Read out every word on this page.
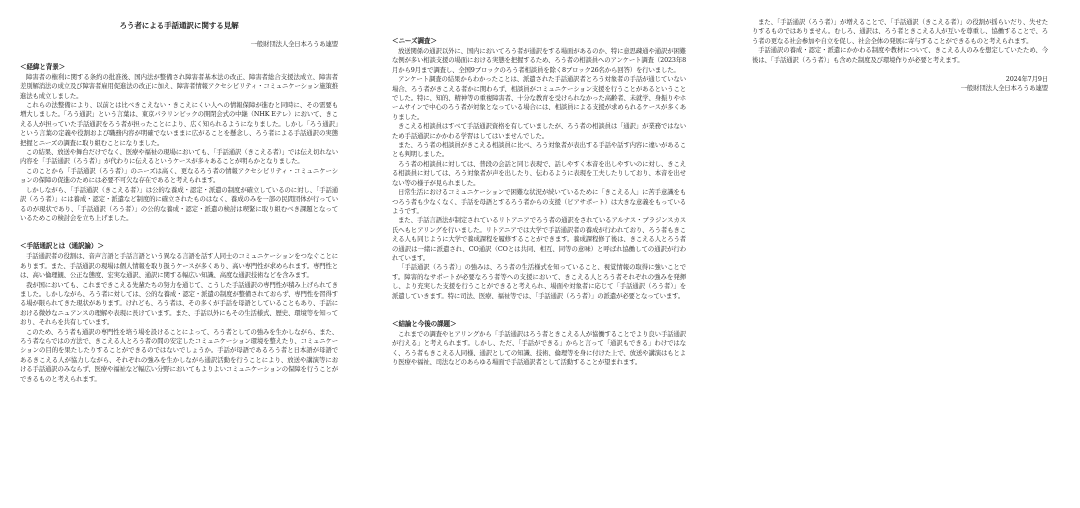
ろう者による手話通訳に関する見解
一般財団法人全日本ろうあ連盟
＜経緯と背景＞

障害者の権利に関する条約の批准後、国内法が整備され障害者基本法の改正、障害者総合支援法成立、障害者差別解消法の成立及び障害者雇用促進法の改正に加え、障害者情報アクセシビリティ・コミュニケーション施策推進法も成立しました。

これらの法整備により、以前とは比べきこえない・きこえにくい人への情報保障が進むと同時に、その需要も増大しました。「ろう通訳」という言葉は、東京パラリンピックの開閉会式の中継（NHK Eテレ）において、きこえる人が担っていた手話通訳をろう者が担ったことにより、広く知られるようになりました。しかし「ろう通訳」という言葉の定義や役割および職務内容が明確でないままに広がることを懸念し、ろう者による手話通訳の実態把握とニーズの調査に取り組むことになりました。

この結果、放送や舞台だけでなく、医療や福祉の現場においても、「手話通訳（きこえる者）」では伝え切れない内容を「手話通訳（ろう者）」が代わりに伝えるというケースが多々あることが明らかとなりました。

このことから「手話通訳（ろう者）」のニーズは高く、更なるろう者の情報アクセシビリティ・コミュニケーションの保障の促進のためには必要不可欠な存在であると考えられます。

しかしながら、「手話通訳（きこえる者）」は公的な養成・認定・派遣の制度が確立しているのに対し、「手話通訳（ろう者）」には養成・認定・派遣など制度的に確立されたものはなく、養成のみを一部の民間団体が行っているのが現状であり、「手話通訳（ろう者）」の公的な養成・認定・派遣の検討は喫緊に取り組むべき課題となっているためこの検討会を立ち上げました。

＜手話通訳とは（通訳論）＞

手話通訳者の役割は、音声言語と手話言語という異なる言語を話す人同士のコミュニケーションをつなぐことにあります。また、手話通訳の現場は個人情報を取り扱うケースが多くあり、高い専門性が求められます。専門性とは、高い倫理観、公正な態度、宏実な通訳、通訳に関する幅広い知識、高度な通訳技術などを含みます。

我が国においても、これまできこえる先輩たちの努力を通じて、こうした手話通訳の専門性が積み上げられてきました。しかしながら、ろう者に対しては、公的な養成・認定・派遣の制度が整備されておらず、専門性を習得する場が限られてきた現状があります。けれども、ろう者は、その多くが手話を母語としていることもあり、手話における微妙なニュアンスの理解や表現に長けています。また、手話以外にもその生活様式、歴史、環境等を知っており、それらを共有しています。

このため、ろう者も通訳の専門性を培う場を設けることによって、ろう者としての強みを生かしながら、また、ろう者ならではの方法で、きこえる人とろう者の間の安定したコミュニケーション環境を整えたり、コミュニケーションの目的を果たしたりすることができるのではないでしょうか。手話が母語であるろう者と日本語が母語であるきこえる人が協力しながら、それぞれの強みを生かしながら通訳活動を行うことにより、放送や講演等における手話通訳のみならず、医療や福祉など幅広い分野においてもよりよいコミュニケーションの保障を行うことができるものと考えられます。

＜ニーズ調査＞

放送関係の通訳以外に、国内においてろう者が通訳をする場面があるのか、特に意思疎通や通訳が困難な例が多い相談支援の場面における実態を把握するため、ろう者の相談員へのアンケート調査（2023年8月から9月まで調査し、全国9ブロックのろう者相談員を除く8ブロック26名から回答）を行いました。

アンケート調査の結果からわかったことは、派遣された手話通訳者とろう対象者の手話が通じていない場合、ろう者がきこえる者かに関わらず、相談員がコミュニケーション支援を行うことがあるということでした。特に、知的、精神等の重複障害者、十分な教育を受けられなかった高齢者、未就学、身振りやホームサインで中心のろう者が対象となっている場合には、相談員による支援が求められるケースが多くありました。

きこえる相談員はすべて手話通訳資格を有していましたが、ろう者の相談員は「通訳」が業務ではないため手話通訳にかかわる学習はしてはいませんでした。

また、ろう者の相談員がきこえる相談員に比べ、ろう対象者が表出する手話や話す内容に違いがあることも判明しました。

ろう者の相談員に対しては、普段の会話と同じ表現で、話しやすく本音を出しやすいのに対し、きこえる相談員に対しては、ろう対象者が声を出したり、伝わるように表現を工夫したりしており、本音を出せない等の様子が見られました。

日常生活におけるコミュニケーションで困難な状況が続いているために「きこえる人」に苦手意識をもつろう者も少なくなく、手話を母語とするろう者からの支援（ピアサポート）は大きな意義をもっているようです。

また、手話言語法が制定されているリトアニアでろう者の通訳をされているアルナス・ブラジンスカス氏へもヒアリングを行いました。リトアニアでは大学で手話通訳者の養成が行われており、ろう者もきこえる人も同じように大学で養成課程を履修することができます。養成課程修了後は、きこえる人とろう者の通訳は一緒に派遣され、CO通訳（COとは共同、相互、同等の意味）と呼ばれ協働しての通訳が行われています。

「手話通訳（ろう者）」の強みは、ろう者の生活様式を知っていること、視覚情報の取得に強いことです。障害的なサポートが必要なろう者等への支援において、きこえる人とろう者それぞれの強みを発揮し、より充実した支援を行うことができると考えられ、場面や対象者に応じて「手話通訳（ろう者）」を派遣していきます。特に司法、医療、福祉等では、「手話通訳（ろう者）」の派遣が必要となっています。

＜結論と今後の課題＞

これまでの調査やヒアリングから「手話通訳はろう者ときこえる人が協働することでより良い手話通訳が行える」と考えられます。しかし、ただ、「手話ができる」からと言って「通訳もできる」わけではなく、ろう者もきこえる人同様、通訳としての知識、技術、倫理等を身に付けた上で、放送や講演はもとより医療や福祉、司法などのあらゆる場面で手話通訳者として活動することが望まれます。

また、「手話通訳（ろう者）」が増えることで、「手話通訳（きこえる者）」の役割が揺らいだり、失せたりするものではありません。むしろ、通訳は、ろう者ときこえる人が互いを尊重し、協働することで、ろう者の更なる社会参加や自立を促し、社会全体の発展に寄与することができるものと考えられます。

手話通訳の養成・認定・派遣にかかわる制度や教材について、きこえる人のみを想定していたため、今後は、「手話通訳（ろう者）」も含めた制度及び環境作りが必要と考えます。

2024年7月9日
一般財団法人全日本ろうあ連盟
